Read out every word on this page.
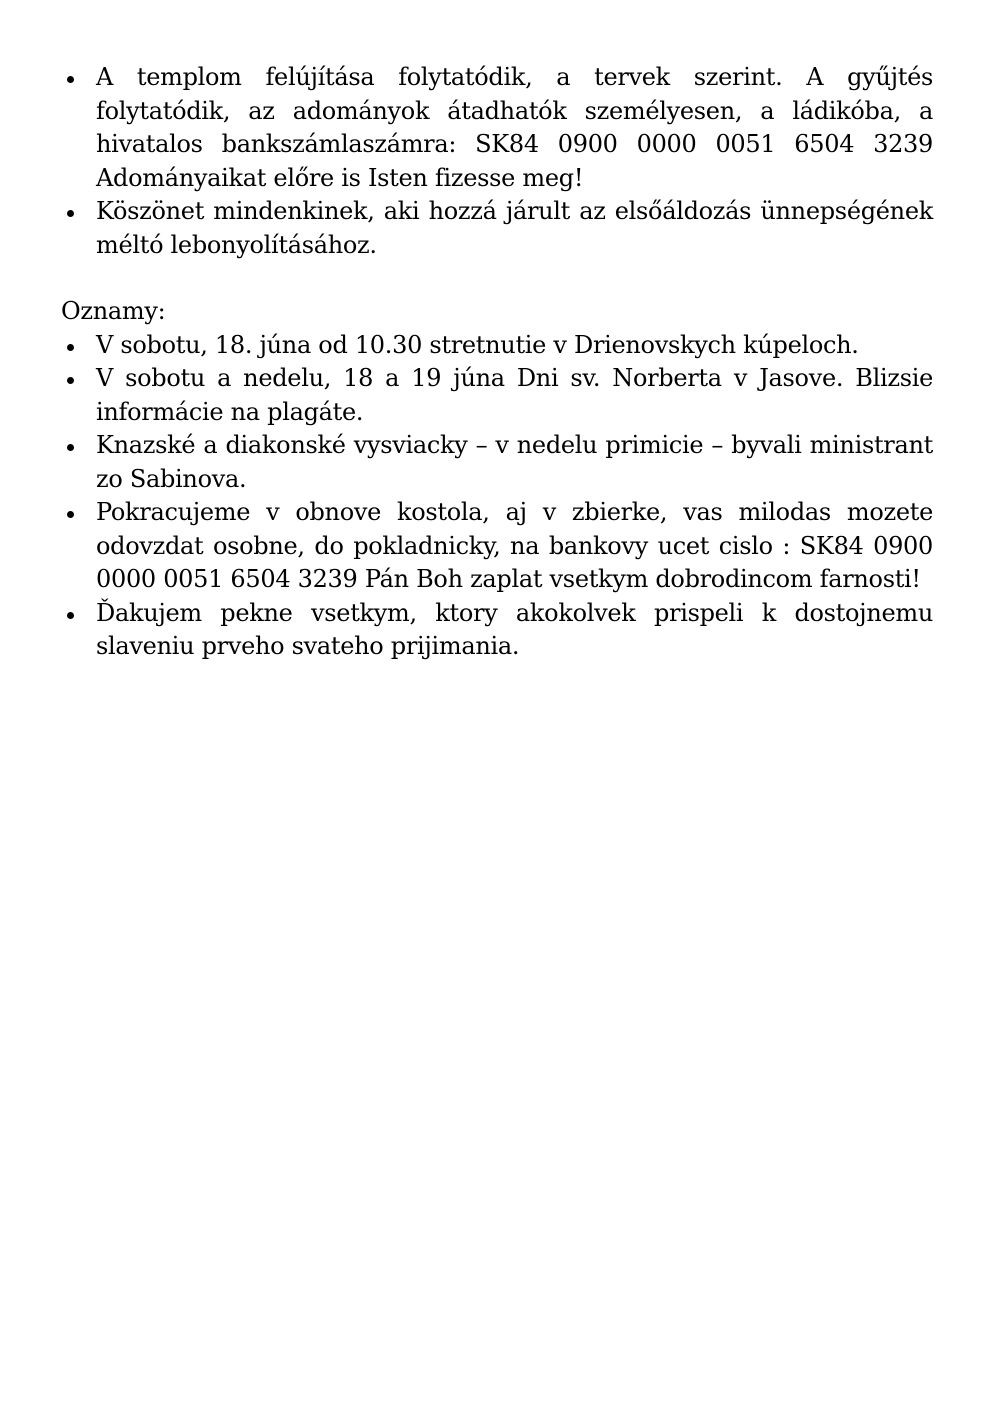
A templom felújítása folytatódik, a tervek szerint. A gyűjtés folytatódik, az adományok átadhatók személyesen, a ládikóba, a hivatalos bankszámlaszámra: SK84 0900 0000 0051 6504 3239 Adományaikat előre is Isten fizesse meg!
Köszönet mindenkinek, aki hozzá járult az elsőáldozás ünnepségének méltó lebonyolításához.

Oznamy:

V sobotu, 18. júna od 10.30 stretnutie v Drienovskych kúpeloch.
V sobotu a nedelu, 18 a 19 júna Dni sv. Norberta v Jasove. Blizsie informácie na plagáte.
Knazské a diakonské vysviacky – v nedelu primicie – byvali ministrant zo Sabinova.
Pokracujeme v obnove kostola, aj v zbierke, vas milodas mozete odovzdat osobne, do pokladnicky, na bankovy ucet cislo : SK84 0900 0000 0051 6504 3239 Pán Boh zaplat vsetkym dobrodincom farnosti!
Ďakujem pekne vsetkym, ktory akokolvek prispeli k dostojnemu slaveniu prveho svateho prijimania.
